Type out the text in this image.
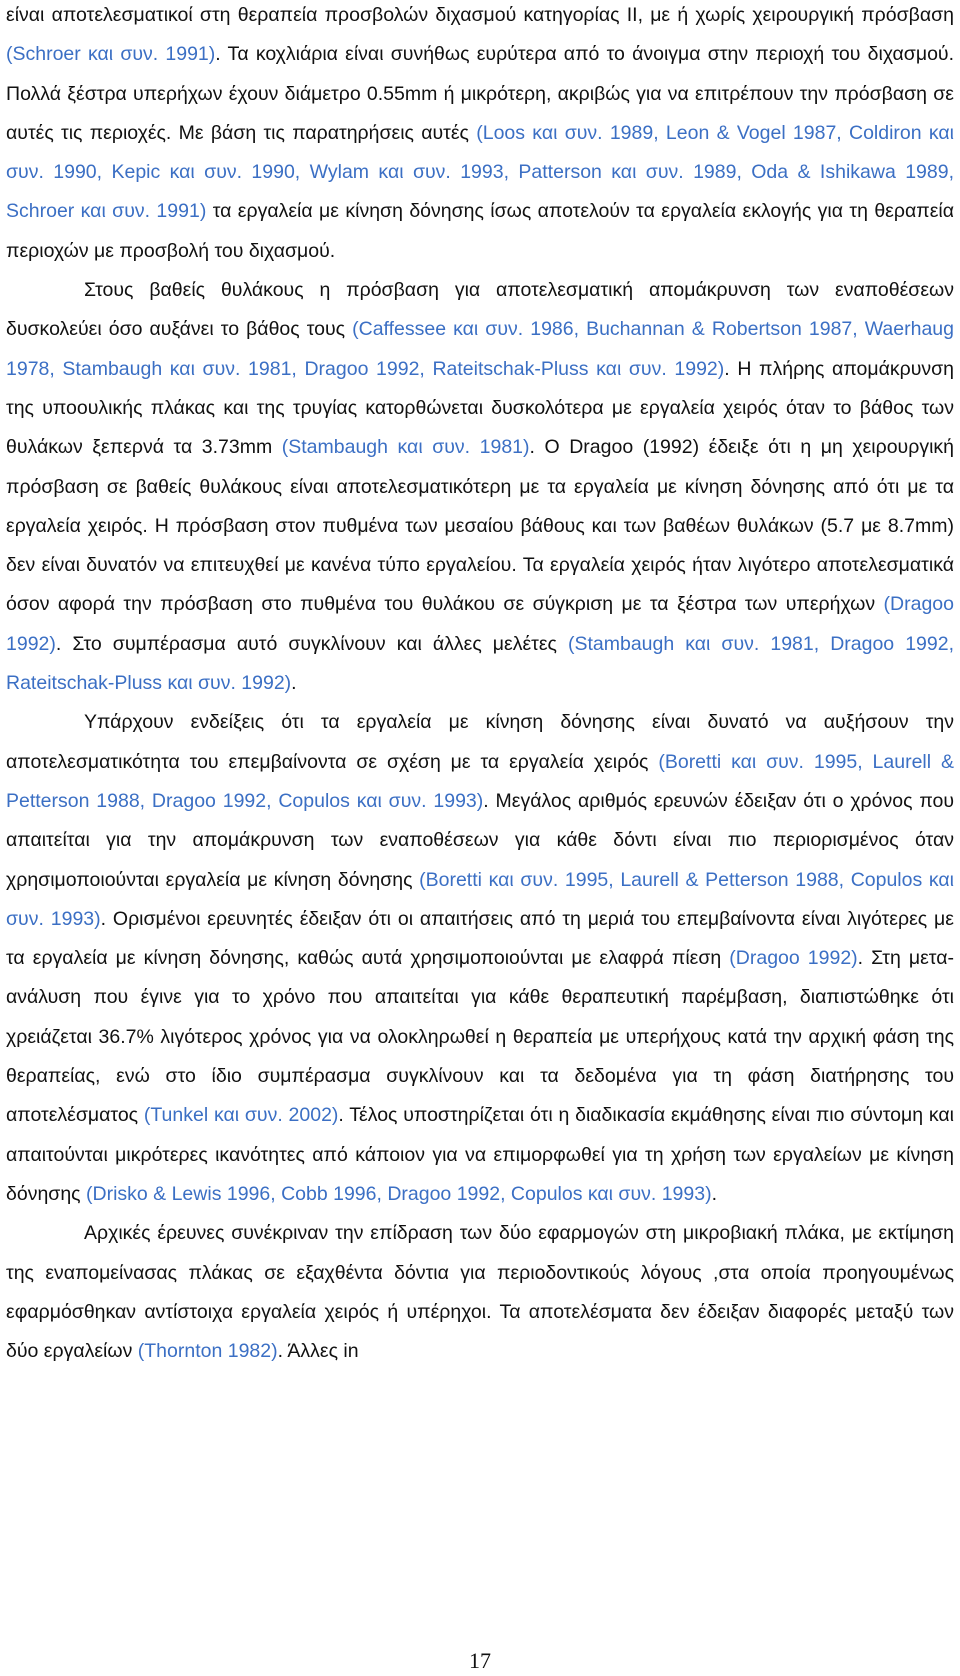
είναι αποτελεσματικοί στη θεραπεία προσβολών διχασμού κατηγορίας ΙΙ, με ή χωρίς χειρουργική πρόσβαση (Schroer και συν. 1991). Τα κοχλιάρια είναι συνήθως ευρύτερα από το άνοιγμα στην περιοχή του διχασμού. Πολλά ξέστρα υπερήχων έχουν διάμετρο 0.55mm ή μικρότερη, ακριβώς για να επιτρέπουν την πρόσβαση σε αυτές τις περιοχές. Με βάση τις παρατηρήσεις αυτές (Loos και συν. 1989, Leon & Vogel 1987, Coldiron και συν. 1990, Kepic και συν. 1990, Wylam και συν. 1993, Patterson και συν. 1989, Oda & Ishikawa 1989, Schroer και συν. 1991) τα εργαλεία με κίνηση δόνησης ίσως αποτελούν τα εργαλεία εκλογής για τη θεραπεία περιοχών με προσβολή του διχασμού.

Στους βαθείς θυλάκους η πρόσβαση για αποτελεσματική απομάκρυνση των εναποθέσεων δυσκολεύει όσο αυξάνει το βάθος τους (Caffessee και συν. 1986, Buchannan & Robertson 1987, Waerhaug 1978, Stambaugh και συν. 1981, Dragoo 1992, Rateitschak-Pluss και συν. 1992). Η πλήρης απομάκρυνση της υποουλικής πλάκας και της τρυγίας κατορθώνεται δυσκολότερα με εργαλεία χειρός όταν το βάθος των θυλάκων ξεπερνά τα 3.73mm (Stambaugh και συν. 1981). Ο Dragoo (1992) έδειξε ότι η μη χειρουργική πρόσβαση σε βαθείς θυλάκους είναι αποτελεσματικότερη με τα εργαλεία με κίνηση δόνησης από ότι με τα εργαλεία χειρός. Η πρόσβαση στον πυθμένα των μεσαίου βάθους και των βαθέων θυλάκων (5.7 με 8.7mm) δεν είναι δυνατόν να επιτευχθεί με κανένα τύπο εργαλείου. Τα εργαλεία χειρός ήταν λιγότερο αποτελεσματικά όσον αφορά την πρόσβαση στο πυθμένα του θυλάκου σε σύγκριση με τα ξέστρα των υπερήχων (Dragoo 1992). Στο συμπέρασμα αυτό συγκλίνουν και άλλες μελέτες (Stambaugh και συν. 1981, Dragoo 1992, Rateitschak-Pluss και συν. 1992).

Υπάρχουν ενδείξεις ότι τα εργαλεία με κίνηση δόνησης είναι δυνατό να αυξήσουν την αποτελεσματικότητα του επεμβαίνοντα σε σχέση με τα εργαλεία χειρός (Boretti και συν. 1995, Laurell & Petterson 1988, Dragoo 1992, Copulos και συν. 1993). Μεγάλος αριθμός ερευνών έδειξαν ότι ο χρόνος που απαιτείται για την απομάκρυνση των εναποθέσεων για κάθε δόντι είναι πιο περιορισμένος όταν χρησιμοποιούνται εργαλεία με κίνηση δόνησης (Boretti και συν. 1995, Laurell & Petterson 1988, Copulos και συν. 1993). Ορισμένοι ερευνητές έδειξαν ότι οι απαιτήσεις από τη μεριά του επεμβαίνοντα είναι λιγότερες με τα εργαλεία με κίνηση δόνησης, καθώς αυτά χρησιμοποιούνται με ελαφρά πίεση (Dragoo 1992). Στη μετα-ανάλυση που έγινε για το χρόνο που απαιτείται για κάθε θεραπευτική παρέμβαση, διαπιστώθηκε ότι χρειάζεται 36.7% λιγότερος χρόνος για να ολοκληρωθεί η θεραπεία με υπερήχους κατά την αρχική φάση της θεραπείας, ενώ στο ίδιο συμπέρασμα συγκλίνουν και τα δεδομένα για τη φάση διατήρησης του αποτελέσματος (Tunkel και συν. 2002). Τέλος υποστηρίζεται ότι η διαδικασία εκμάθησης είναι πιο σύντομη και απαιτούνται μικρότερες ικανότητες από κάποιον για να επιμορφωθεί για τη χρήση των εργαλείων με κίνηση δόνησης (Drisko & Lewis 1996, Cobb 1996, Dragoo 1992, Copulos και συν. 1993).

Αρχικές έρευνες συνέκριναν την επίδραση των δύο εφαρμογών στη μικροβιακή πλάκα, με εκτίμηση της εναπομείνασας πλάκας σε εξαχθέντα δόντια για περιοδοντικούς λόγους ,στα οποία προηγουμένως εφαρμόσθηκαν αντίστοιχα εργαλεία χειρός ή υπέρηχοι. Τα αποτελέσματα δεν έδειξαν διαφορές μεταξύ των δύο εργαλείων (Thornton 1982). Άλλες in

17
